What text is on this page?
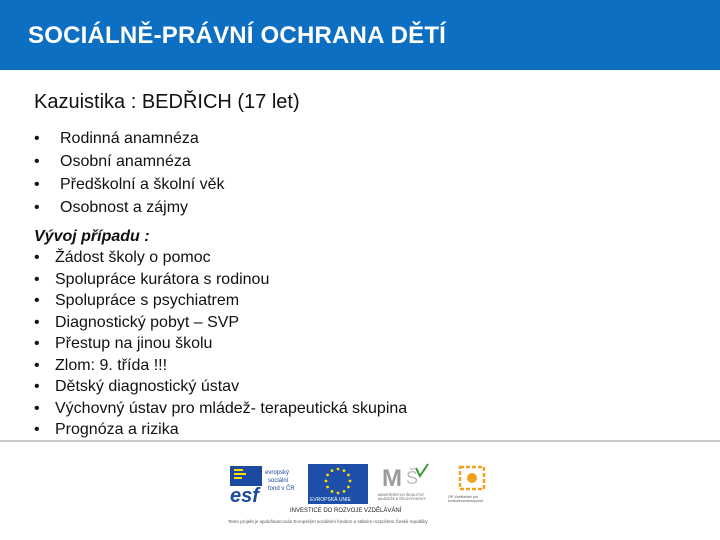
SOCIÁLNĚ-PRÁVNÍ OCHRANA DĚTÍ
Kazuistika : BEDŘICH (17 let)
• Rodinná anamnéza
• Osobní anamnéza
• Předškolní a školní věk
• Osobnost a zájmy
Vývoj případu :
• Žádost školy o pomoc
• Spolupráce kurátora s rodinou
• Spolupráce s psychiatrem
• Diagnostický pobyt – SVP
• Přestup na jinou školu
• Zlom: 9. třída !!!
• Dětský diagnostický ústav
• Výchovný ústav pro mládež- terapeutická skupina
• Prognóza a rizika
esf
evropský
sociální
fond v ČR
EVROPSKÁ UNIE
M Š
MINISTERSTVO ŠKOLSTVÍ, MLÁDEŽE A TĚLOVÝCHOVY	OP Vzdělávání pro konkurenceschopnost
INVESTICE DO ROZVOJE VZDĚLÁVÁNÍ
Tento projekt je spolufinancován Evropským sociálním fondem a státním rozpočtem České republiky
